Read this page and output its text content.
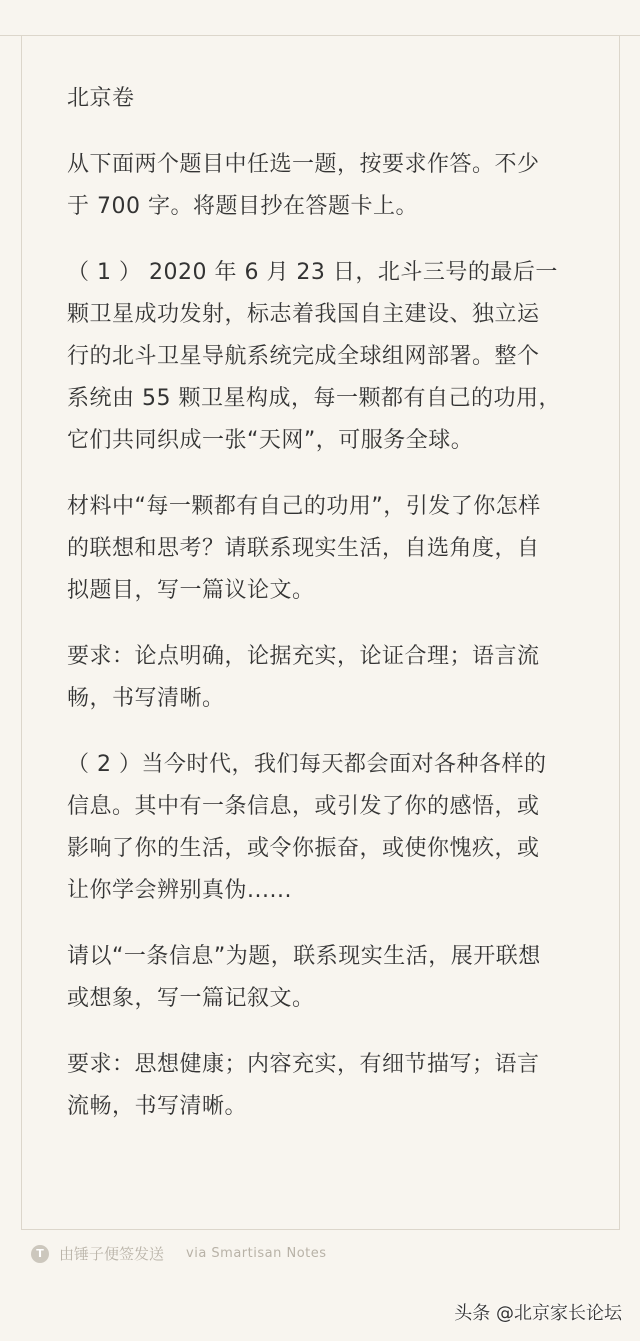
北京卷

从下面两个题目中任选一题，按要求作答。不少
于 700 字。将题目抄在答题卡上。

（ 1 ） 2020 年 6 月 23 日，北斗三号的最后一
颗卫星成功发射，标志着我国自主建设、独立运
行的北斗卫星导航系统完成全球组网部署。整个
系统由 55 颗卫星构成，每一颗都有自己的功用，
它们共同织成一张“天网”，可服务全球。

材料中“每一颗都有自己的功用”，引发了你怎样
的联想和思考？请联系现实生活，自选角度，自
拟题目，写一篇议论文。

要求：论点明确，论据充实，论证合理；语言流
畅，书写清晰。

（ 2 ）当今时代，我们每天都会面对各种各样的
信息。其中有一条信息，或引发了你的感悟，或
影响了你的生活，或令你振奋，或使你愧疚，或
让你学会辨别真伪......

请以“一条信息”为题，联系现实生活，展开联想
或想象，写一篇记叙文。

要求：思想健康；内容充实，有细节描写；语言
流畅，书写清晰。

T	由锤子便签发送 via Smartisan Notes
头条 @北京家长论坛
